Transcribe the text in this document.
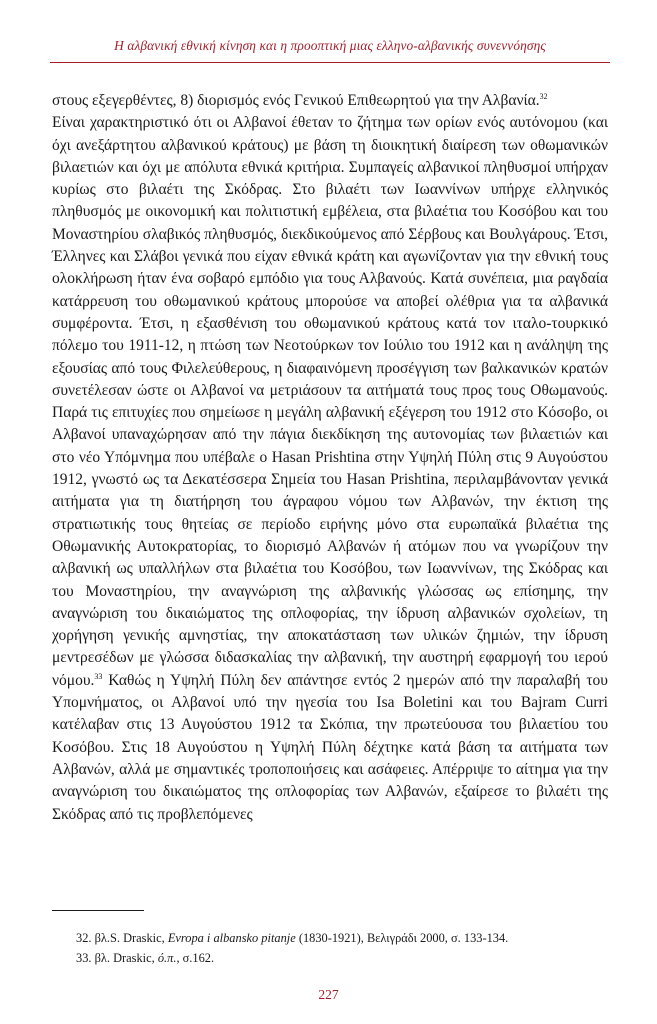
Η αλβανική εθνική κίνηση και η προοπτική μιας ελληνο-αλβανικής συνεννόησης

στους εξεγερθέντες, 8) διορισμός ενός Γενικού Επιθεωρητού για την Αλβανία.$^{32}$

Είναι χαρακτηριστικό ότι οι Αλβανοί έθεταν το ζήτημα των ορίων ενός αυτόνομου (και όχι ανεξάρτητου αλβανικού κράτους) με βάση τη διοικητική διαίρεση των οθωμανικών βιλαετιών και όχι με απόλυτα εθνικά κριτήρια. Συμπαγείς αλβανικοί πληθυσμοί υπήρχαν κυρίως στο βιλαέτι της Σκόδρας. Στο βιλαέτι των Ιωαννίνων υπήρχε ελληνικός πληθυσμός με οικονομική και πολιτιστική εμβέλεια, στα βιλαέτια του Κοσόβου και του Μοναστηρίου σλαβικός πληθυσμός, διεκδικούμενος από Σέρβους και Βουλγάρους. Έτσι, Έλληνες και Σλάβοι γενικά που είχαν εθνικά κράτη και αγωνίζονταν για την εθνική τους ολοκλήρωση ήταν ένα σοβαρό εμπόδιο για τους Αλβανούς. Κατά συνέπεια, μια ραγδαία κατάρρευση του οθωμανικού κράτους μπορούσε να αποβεί ολέθρια για τα αλβανικά συμφέροντα. Έτσι, η εξασθένιση του οθωμανικού κράτους κατά τον ιταλο-τουρκικό πόλεμο του 1911-12, η πτώση των Νεοτούρκων τον Ιούλιο του 1912 και η ανάληψη της εξουσίας από τους Φιλελεύθερους, η διαφαινόμενη προσέγγιση των βαλκανικών κρατών συνετέλεσαν ώστε οι Αλβανοί να μετριάσουν τα αιτήματά τους προς τους Οθωμανούς. Παρά τις επιτυχίες που σημείωσε η μεγάλη αλβανική εξέγερση του 1912 στο Κόσοβο, οι Αλβανοί υπαναχώρησαν από την πάγια διεκδίκηση της αυτονομίας των βιλαετιών και στο νέο Υπόμνημα που υπέβαλε ο Hasan Prishtina στην Υψηλή Πύλη στις 9 Αυγούστου 1912, γνωστό ως τα Δεκατέσσερα Σημεία του Hasan Prishtina, περιλαμβάνονταν γενικά αιτήματα για τη διατήρηση του άγραφου νόμου των Αλβανών, την έκτιση της στρατιωτικής τους θητείας σε περίοδο ειρήνης μόνο στα ευρωπαϊκά βιλαέτια της Οθωμανικής Αυτοκρατορίας, το διορισμό Αλβανών ή ατόμων που να γνωρίζουν την αλβανική ως υπαλλήλων στα βιλαέτια του Κοσόβου, των Ιωαννίνων, της Σκόδρας και του Μοναστηρίου, την αναγνώριση της αλβανικής γλώσσας ως επίσημης, την αναγνώριση του δικαιώματος της οπλοφορίας, την ίδρυση αλβανικών σχολείων, τη χορήγηση γενικής αμνηστίας, την αποκατάσταση των υλικών ζημιών, την ίδρυση μεντρεσέδων με γλώσσα διδασκαλίας την αλβανική, την αυστηρή εφαρμογή του ιερού νόμου.$^{33}$ Καθώς η Υψηλή Πύλη δεν απάντησε εντός 2 ημερών από την παραλαβή του Υπομνήματος, οι Αλβανοί υπό την ηγεσία του Isa Boletini και του Bajram Curri κατέλαβαν στις 13 Αυγούστου 1912 τα Σκόπια, την πρωτεύουσα του βιλαετίου του Κοσόβου. Στις 18 Αυγούστου η Υψηλή Πύλη δέχτηκε κατά βάση τα αιτήματα των Αλβανών, αλλά με σημαντικές τροποποιήσεις και ασάφειες. Απέρριψε το αίτημα για την αναγνώριση του δικαιώματος της οπλοφορίας των Αλβανών, εξαίρεσε το βιλαέτι της Σκόδρας από τις προβλεπόμενες

32. βλ.S. Draskic, Evropa i albansko pitanje (1830-1921), Βελιγράδι 2000, σ. 133-134.
33. βλ. Draskic, ό.π., σ.162.
227
